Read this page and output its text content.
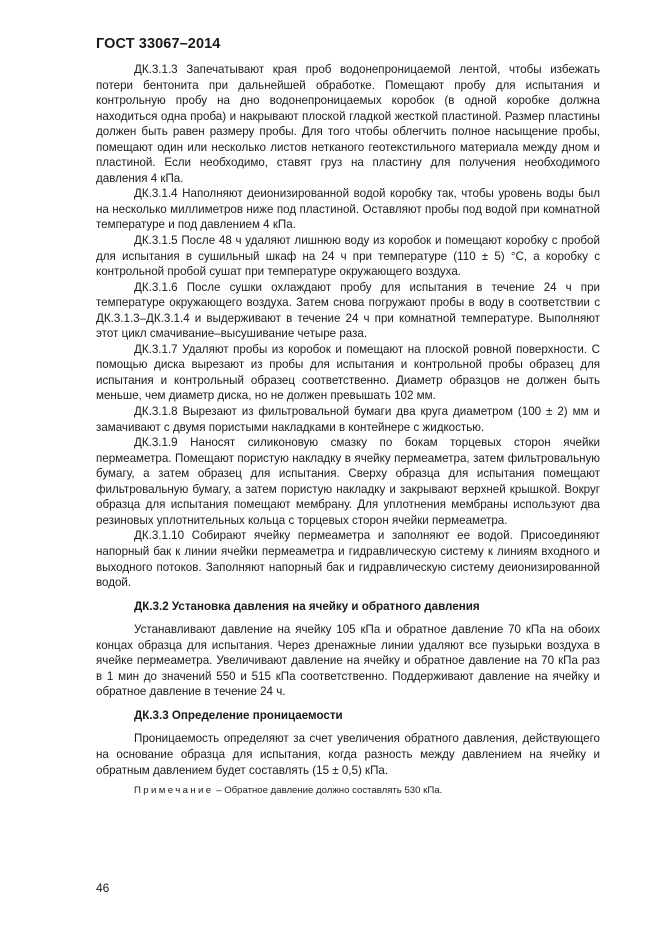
ГОСТ 33067–2014

ДК.3.1.3 Запечатывают края проб водонепроницаемой лентой, чтобы избежать потери бентонита при дальнейшей обработке. Помещают пробу для испытания и контрольную пробу на дно водонепроницаемых коробок (в одной коробке должна находиться одна проба) и накрывают плоской гладкой жесткой пластиной. Размер пластины должен быть равен размеру пробы. Для того чтобы облегчить полное насыщение пробы, помещают один или несколько листов нетканого геотекстильного материала между дном и пластиной. Если необходимо, ставят груз на пластину для получения необходимого давления 4 кПа.

ДК.3.1.4 Наполняют деионизированной водой коробку так, чтобы уровень воды был на несколько миллиметров ниже под пластиной. Оставляют пробы под водой при комнатной температуре и под давлением 4 кПа.

ДК.3.1.5 После 48 ч удаляют лишнюю воду из коробок и помещают коробку с пробой для испытания в сушильный шкаф на 24 ч при температуре (110 ± 5) °С, а коробку с контрольной пробой сушат при температуре окружающего воздуха.

ДК.3.1.6 После сушки охлаждают пробу для испытания в течение 24 ч при температуре окружающего воздуха. Затем снова погружают пробы в воду в соответствии с ДК.3.1.3–ДК.3.1.4 и выдерживают в течение 24 ч при комнатной температуре. Выполняют этот цикл смачивание–высушивание четыре раза.

ДК.3.1.7 Удаляют пробы из коробок и помещают на плоской ровной поверхности. С помощью диска вырезают из пробы для испытания и контрольной пробы образец для испытания и контрольный образец соответственно. Диаметр образцов не должен быть меньше, чем диаметр диска, но не должен превышать 102 мм.

ДК.3.1.8 Вырезают из фильтровальной бумаги два круга диаметром (100 ± 2) мм и замачивают с двумя пористыми накладками в контейнере с жидкостью.

ДК.3.1.9 Наносят силиконовую смазку по бокам торцевых сторон ячейки пермеаметра. Помещают пористую накладку в ячейку пермеаметра, затем фильтровальную бумагу, а затем образец для испытания. Сверху образца для испытания помещают фильтровальную бумагу, а затем пористую накладку и закрывают верхней крышкой. Вокруг образца для испытания помещают мембрану. Для уплотнения мембраны используют два резиновых уплотнительных кольца с торцевых сторон ячейки пермеаметра.

ДК.3.1.10 Собирают ячейку пермеаметра и заполняют ее водой. Присоединяют напорный бак к линии ячейки пермеаметра и гидравлическую систему к линиям входного и выходного потоков. Заполняют напорный бак и гидравлическую систему деионизированной водой.

ДК.3.2 Установка давления на ячейку и обратного давления

Устанавливают давление на ячейку 105 кПа и обратное давление 70 кПа на обоих концах образца для испытания. Через дренажные линии удаляют все пузырьки воздуха в ячейке пермеаметра. Увеличивают давление на ячейку и обратное давление на 70 кПа раз в 1 мин до значений 550 и 515 кПа соответственно. Поддерживают давление на ячейку и обратное давление в течение 24 ч.

ДК.3.3 Определение проницаемости

Проницаемость определяют за счет увеличения обратного давления, действующего на основание образца для испытания, когда разность между давлением на ячейку и обратным давлением будет составлять (15 ± 0,5) кПа.

Примечание – Обратное давление должно составлять 530 кПа.
46
